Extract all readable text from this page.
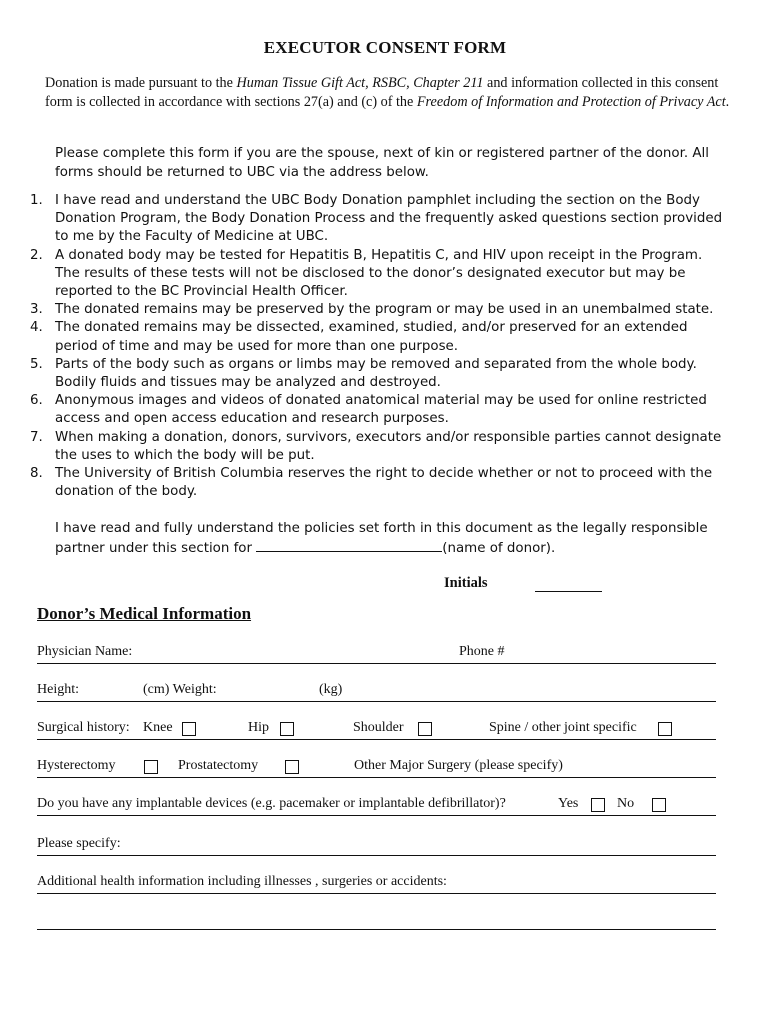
EXECUTOR CONSENT FORM
Donation is made pursuant to the Human Tissue Gift Act, RSBC, Chapter 211 and information collected in this consent form is collected in accordance with sections 27(a) and (c) of the Freedom of Information and Protection of Privacy Act.
Please complete this form if you are the spouse, next of kin or registered partner of the donor. All forms should be returned to UBC via the address below.
1. I have read and understand the UBC Body Donation pamphlet including the section on the Body Donation Program, the Body Donation Process and the frequently asked questions section provided to me by the Faculty of Medicine at UBC.
2. A donated body may be tested for Hepatitis B, Hepatitis C, and HIV upon receipt in the Program. The results of these tests will not be disclosed to the donor’s designated executor but may be reported to the BC Provincial Health Officer.
3. The donated remains may be preserved by the program or may be used in an unembalmed state.
4. The donated remains may be dissected, examined, studied, and/or preserved for an extended period of time and may be used for more than one purpose.
5. Parts of the body such as organs or limbs may be removed and separated from the whole body. Bodily fluids and tissues may be analyzed and destroyed.
6. Anonymous images and videos of donated anatomical material may be used for online restricted access and open access education and research purposes.
7. When making a donation, donors, survivors, executors and/or responsible parties cannot designate the uses to which the body will be put.
8. The University of British Columbia reserves the right to decide whether or not to proceed with the donation of the body.
I have read and fully understand the policies set forth in this document as the legally responsible partner under this section for	(name of donor).
Initials
Donor’s Medical Information
Physician Name:	Phone #
Height:	(cm) Weight:	(kg)
Surgical history: Knee	Hip	Shoulder	Spine / other joint specific
Hysterectomy	Prostatectomy	Other Major Surgery (please specify)
Do you have any implantable devices (e.g. pacemaker or implantable defibrillator)?	Yes	No
Please specify:
Additional health information including illnesses , surgeries or accidents:
